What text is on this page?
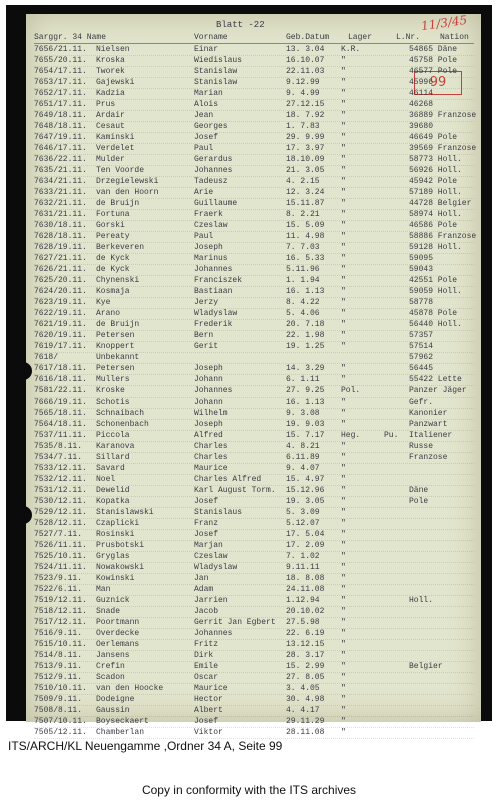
Blatt -22	11/3/45
99
Sarggr. 34 Name	Vorname	Geb.Datum Lager	L.Nr. Nation
7656/21.11. Nielsen	Einar	13. 3.04 K.R.	54865 Däne
7655/20.11. Kroska	Wiedislaus	16.10.07 "	45758 Pole
7654/17.11. Tworek	Stanislaw	22.11.03 "	46577 Pole
7653/17.11. Gajewski	Stanislaw	9.12.99	"	45996
7652/17.11. Kadzia	Marian	9. 4.99	"	46114
7651/17.11. Prus	Alois	27.12.15 "	46268
7649/18.11. Ardair	Jean	18. 7.92 "	36889 Franzose
7648/18.11. Cesaut	Georges	1. 7.83	"	39680
7647/19.11. Kaminski	Josef	29. 9.99 "	46649 Pole
7646/17.11. Verdelet	Paul	17. 3.97 "	39569 Franzose
7636/22.11. Mulder	Gerardus	18.10.09 "	58773 Holl.
7635/21.11. Ten Voorde	Johannes	21. 3.05 "	56926 Holl.
7634/21.11. Drzegielewski	Tadeusz	4. 2.15	"	45942 Pole
7633/21.11. van den Hoorn	Arie	12. 3.24 "	57189 Holl.
7632/21.11. de Bruijn	Guillaume	15.11.87 "	44728 Belgier
7631/21.11. Fortuna	Fraerk	8. 2.21	"	58974 Holl.
7630/18.11. Gorski	Czeslaw	15. 5.09 "	46586 Pole
7628/18.11. Pereaty	Paul	11. 4.98 "	58886 Franzose
7628/19.11. Berkeveren	Joseph	7. 7.03	"	59128 Holl.
7627/21.11. de Kyck	Marinus	16. 5.33 "	59095
7626/21.11. de Kyck	Johannes	5.11.96	"	59043
7625/20.11. Chynenski	Franciszek	1. 1.94	"	42551 Pole
7624/20.11. Kosmaja	Bastiaan	16. 1.13 "	59059 Holl.
7623/19.11. Kye	Jerzy	8. 4.22	"	58778
7622/19.11. Arano	Wladyslaw	5. 4.06	"	45878 Pole
7621/19.11. de Bruijn	Frederik	20. 7.18 "	56440 Holl.
7620/19.11. Petersen	Bern	22. 1.98 "	57357
7619/17.11. Knoppert	Gerit	19. 1.25 "	57514
7618/	Unbekannt	57962
7617/18.11. Petersen	Joseph	14. 3.29 "	56445
7616/18.11. Mullers	Johann	6. 1.11	"	55422 Lette
7581/22.11. Kroske	Johannes	27. 9.25 Pol.	Panzer Jäger
7666/19.11. Schotis	Johann	16. 1.13 "	Gefr.
7565/18.11. Schnaibach	Wilhelm	9. 3.08	"	Kanonier
7564/18.11. Schonenbach	Joseph	19. 9.03 "	Panzwart
7537/11.11. Piccola	Alfred	15. 7.17 Heg.	Pu. Italiener
7535/8.11. Karanova	Charles	4. 8.21	"	Russe
7534/7.11. Sillard	Charles	6.11.89	"	Franzose
7533/12.11. Savard	Maurice	9. 4.07	"
7532/12.11. Noel	Charles Alfred	15. 4.97 "
7531/12.11. Dewelid	Karl August Torm. 15.12.96 "	Däne
7530/12.11. Kopatka	Josef	19. 3.05 "	Pole
7529/12.11. Stanislawski	Stanislaus	5. 3.09	"
7528/12.11. Czaplicki	Franz	5.12.07	"
7527/7.11. Rosinski	Josef	17. 5.04 "
7526/11.11. Prusbotski	Marjan	17. 2.09 "
7525/10.11. Gryglas	Czeslaw	7. 1.02	"
7524/11.11. Nowakowski	Wladyslaw	9.11.11	"
7523/9.11. Kowinski	Jan	18. 8.08 "
7522/6.11. Man	Adam	24.11.08 "
7519/12.11. Guznick	Jarrien	1.12.94	"	Holl.
7518/12.11. Snade	Jacob	20.10.02 "
7517/12.11. Poortmann	Gerrit Jan Egbert 27.5.98	"
7516/9.11. Overdecke	Johannes	22. 6.19 "
7515/10.11. Oerlemans	Fritz	13.12.15 "
7514/8.11. Jansens	Dirk	28. 3.17 "
7513/9.11. Crefin	Emile	15. 2.99 "	Belgier
7512/9.11. Scadon	Oscar	27. 8.05 "
7510/10.11. van den Hoocke	Maurice	3. 4.05	"
7509/9.11. Dodeigne	Hector	30. 4.98 "
7508/8.11. Gaussin	Albert	4. 4.17	"
7507/10.11. Boyseckaert	Josef	29.11.29 "
7505/12.11. Chamberlan	Viktor	28.11.08 "
ITS/ARCH/KL Neuengamme ,Ordner 34 A, Seite 99
Copy in conformity with the ITS archives
